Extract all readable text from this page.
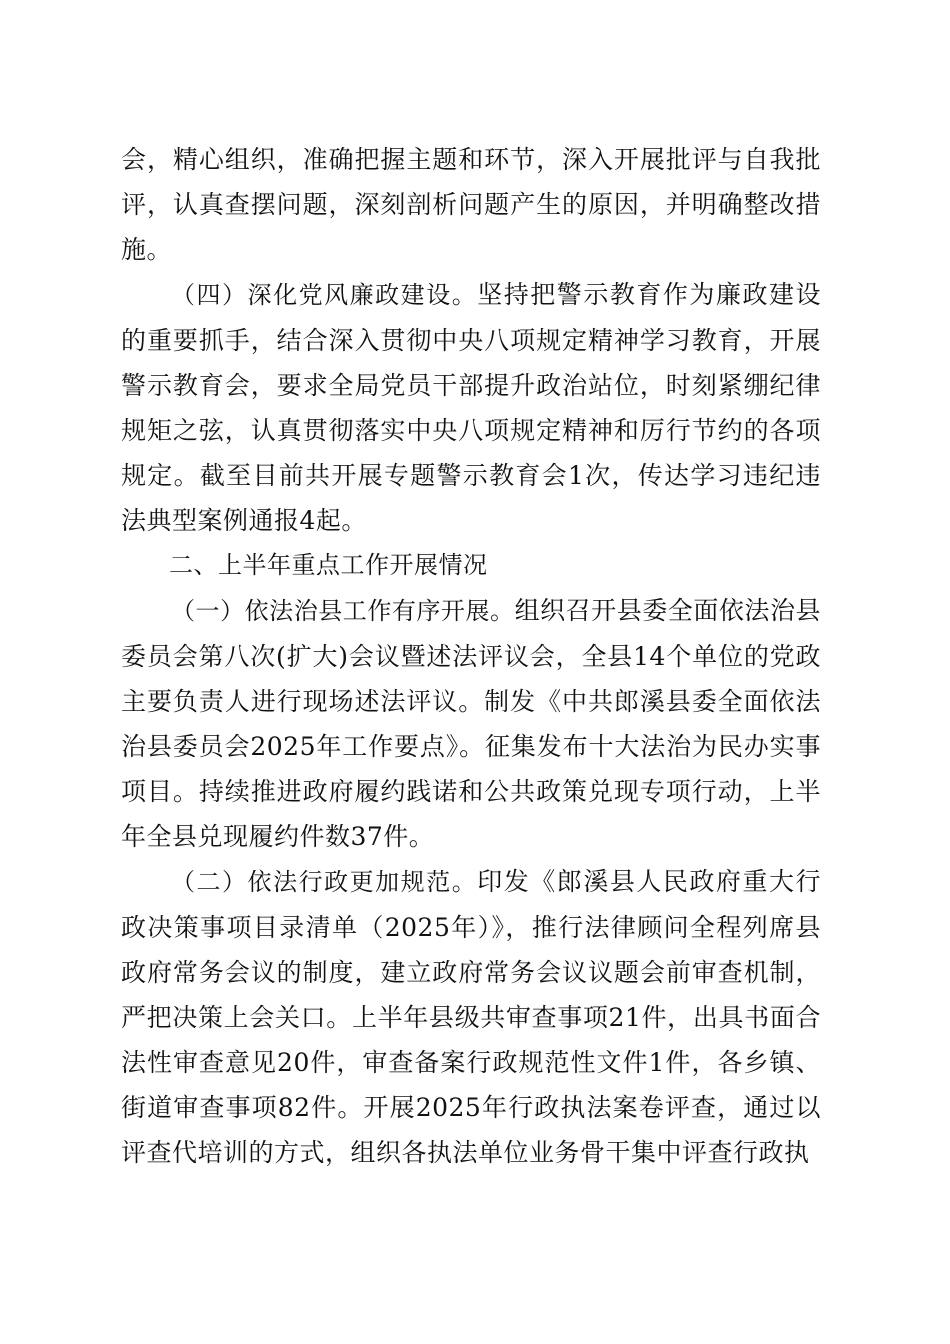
会，精心组织，准确把握主题和环节，深入开展批评与自我批评，认真查摆问题，深刻剖析问题产生的原因，并明确整改措施。

（四）深化党风廉政建设。坚持把警示教育作为廉政建设的重要抓手，结合深入贯彻中央八项规定精神学习教育，开展警示教育会，要求全局党员干部提升政治站位，时刻紧绷纪律规矩之弦，认真贯彻落实中央八项规定精神和厉行节约的各项规定。截至目前共开展专题警示教育会1次，传达学习违纪违法典型案例通报4起。

二、上半年重点工作开展情况

（一）依法治县工作有序开展。组织召开县委全面依法治县委员会第八次(扩大)会议暨述法评议会，全县14个单位的党政主要负责人进行现场述法评议。制发《中共郎溪县委全面依法治县委员会2025年工作要点》。征集发布十大法治为民办实事项目。持续推进政府履约践诺和公共政策兑现专项行动，上半年全县兑现履约件数37件。

（二）依法行政更加规范。印发《郎溪县人民政府重大行政决策事项目录清单（2025年）》，推行法律顾问全程列席县政府常务会议的制度，建立政府常务会议议题会前审查机制，严把决策上会关口。上半年县级共审查事项21件，出具书面合法性审查意见20件，审查备案行政规范性文件1件，各乡镇、街道审查事项82件。开展2025年行政执法案卷评查，通过以评查代培训的方式，组织各执法单位业务骨干集中评查行政执
